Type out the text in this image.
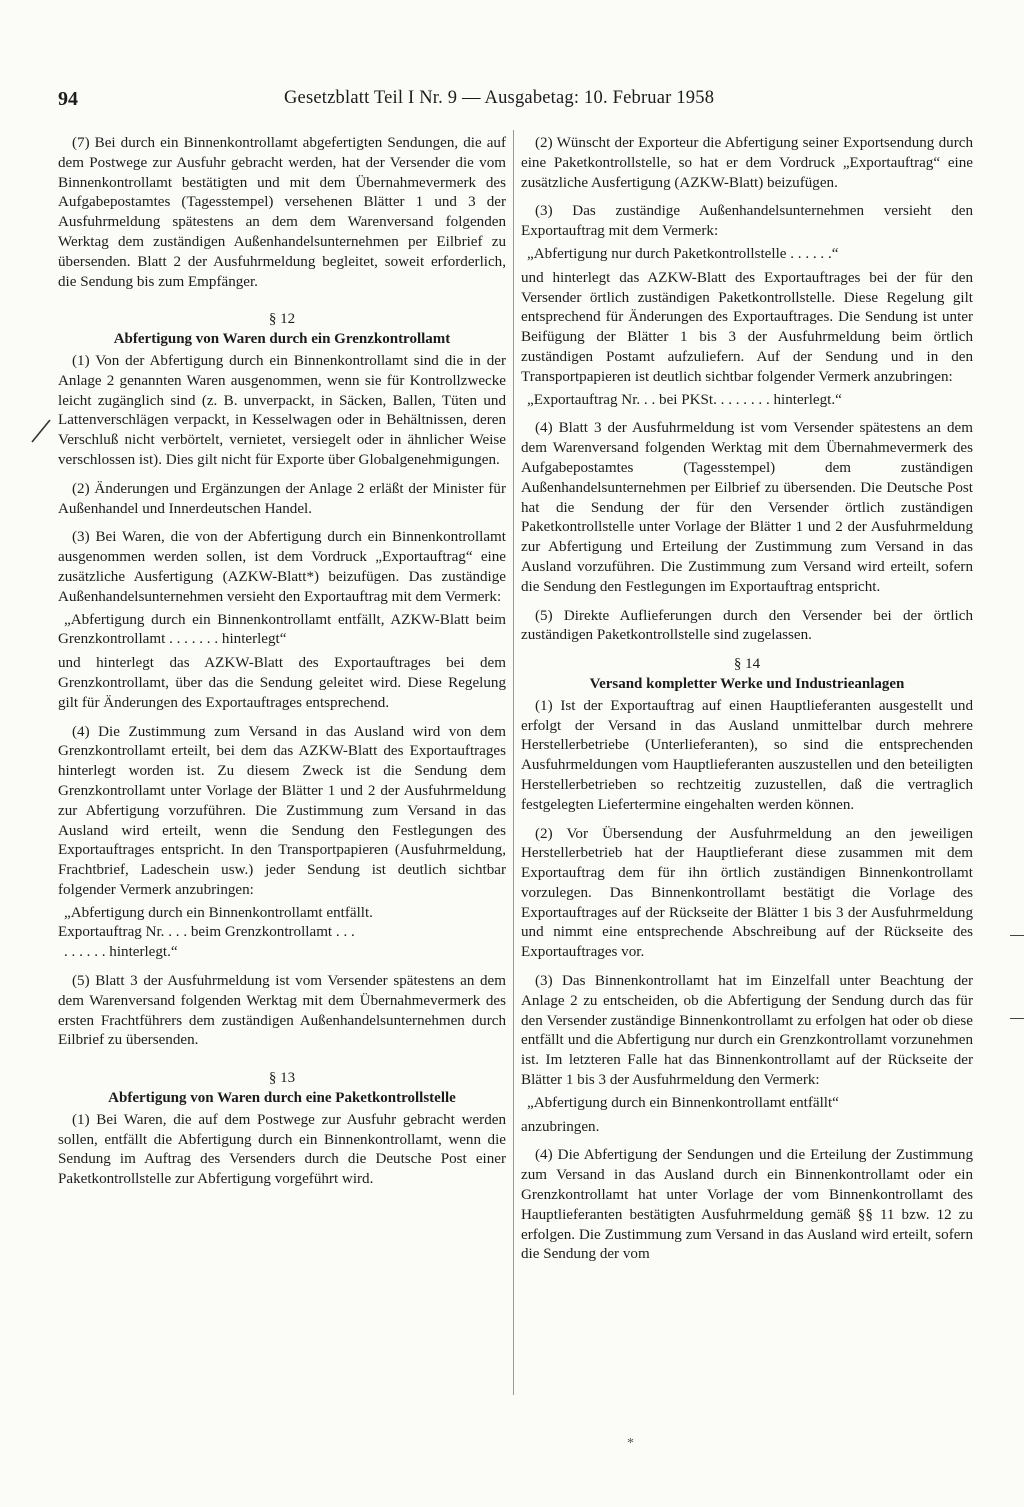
94	Gesetzblatt Teil I Nr. 9 — Ausgabetag: 10. Februar 1958

(7) Bei durch ein Binnenkontrollamt abgefertigten Sendungen, die auf dem Postwege zur Ausfuhr gebracht werden, hat der Versender die vom Binnenkontrollamt bestätigten und mit dem Übernahmevermerk des Aufgabepostamtes (Tagesstempel) versehenen Blätter 1 und 3 der Ausfuhrmeldung spätestens an dem dem Warenversand folgenden Werktag dem zuständigen Außenhandelsunternehmen per Eilbrief zu übersenden. Blatt 2 der Ausfuhrmeldung begleitet, soweit erforderlich, die Sendung bis zum Empfänger.

§ 12

Abfertigung von Waren durch ein Grenzkontrollamt

(1) Von der Abfertigung durch ein Binnenkontrollamt sind die in der Anlage 2 genannten Waren ausgenommen, wenn sie für Kontrollzwecke leicht zugänglich sind (z. B. unverpackt, in Säcken, Ballen, Tüten und Lattenverschlägen verpackt, in Kesselwagen oder in Behältnissen, deren Verschluß nicht verbörtelt, vernietet, versiegelt oder in ähnlicher Weise verschlossen ist). Dies gilt nicht für Exporte über Globalgenehmigungen.

(2) Änderungen und Ergänzungen der Anlage 2 erläßt der Minister für Außenhandel und Innerdeutschen Handel.

(3) Bei Waren, die von der Abfertigung durch ein Binnenkontrollamt ausgenommen werden sollen, ist dem Vordruck „Exportauftrag“ eine zusätzliche Ausfertigung (AZKW-Blatt*) beizufügen. Das zuständige Außenhandelsunternehmen versieht den Exportauftrag mit dem Vermerk:

„Abfertigung durch ein Binnenkontrollamt entfällt, AZKW-Blatt beim Grenzkontrollamt . . . . . . . hinterlegt“

und hinterlegt das AZKW-Blatt des Exportauftrages bei dem Grenzkontrollamt, über das die Sendung geleitet wird. Diese Regelung gilt für Änderungen des Exportauftrages entsprechend.

(4) Die Zustimmung zum Versand in das Ausland wird von dem Grenzkontrollamt erteilt, bei dem das AZKW-Blatt des Exportauftrages hinterlegt worden ist. Zu diesem Zweck ist die Sendung dem Grenzkontrollamt unter Vorlage der Blätter 1 und 2 der Ausfuhrmeldung zur Abfertigung vorzuführen. Die Zustimmung zum Versand in das Ausland wird erteilt, wenn die Sendung den Festlegungen des Exportauftrages entspricht. In den Transportpapieren (Ausfuhrmeldung, Frachtbrief, Ladeschein usw.) jeder Sendung ist deutlich sichtbar folgender Vermerk anzubringen:

„Abfertigung durch ein Binnenkontrollamt entfällt.

Exportauftrag Nr. . . . beim Grenzkontrollamt . . .

. . . . . . hinterlegt.“

(5) Blatt 3 der Ausfuhrmeldung ist vom Versender spätestens an dem dem Warenversand folgenden Werktag mit dem Übernahmevermerk des ersten Frachtführers dem zuständigen Außenhandelsunternehmen durch Eilbrief zu übersenden.

§ 13

Abfertigung von Waren durch eine Paketkontrollstelle

(1) Bei Waren, die auf dem Postwege zur Ausfuhr gebracht werden sollen, entfällt die Abfertigung durch ein Binnenkontrollamt, wenn die Sendung im Auftrag des Versenders durch die Deutsche Post einer Paketkontrollstelle zur Abfertigung vorgeführt wird.

(2) Wünscht der Exporteur die Abfertigung seiner Exportsendung durch eine Paketkontrollstelle, so hat er dem Vordruck „Exportauftrag“ eine zusätzliche Ausfertigung (AZKW-Blatt) beizufügen.

(3) Das zuständige Außenhandelsunternehmen versieht den Exportauftrag mit dem Vermerk:

„Abfertigung nur durch Paketkontrollstelle . . . . . .“

und hinterlegt das AZKW-Blatt des Exportauftrages bei der für den Versender örtlich zuständigen Paketkontrollstelle. Diese Regelung gilt entsprechend für Änderungen des Exportauftrages. Die Sendung ist unter Beifügung der Blätter 1 bis 3 der Ausfuhrmeldung beim örtlich zuständigen Postamt aufzuliefern. Auf der Sendung und in den Transportpapieren ist deutlich sichtbar folgender Vermerk anzubringen:

„Exportauftrag Nr. . . bei PKSt. . . . . . . . hinterlegt.“

(4) Blatt 3 der Ausfuhrmeldung ist vom Versender spätestens an dem dem Warenversand folgenden Werktag mit dem Übernahmevermerk des Aufgabepostamtes (Tagesstempel) dem zuständigen Außenhandelsunternehmen per Eilbrief zu übersenden. Die Deutsche Post hat die Sendung der für den Versender örtlich zuständigen Paketkontrollstelle unter Vorlage der Blätter 1 und 2 der Ausfuhrmeldung zur Abfertigung und Erteilung der Zustimmung zum Versand in das Ausland vorzuführen. Die Zustimmung zum Versand wird erteilt, sofern die Sendung den Festlegungen im Exportauftrag entspricht.

(5) Direkte Auflieferungen durch den Versender bei der örtlich zuständigen Paketkontrollstelle sind zugelassen.

§ 14

Versand kompletter Werke und Industrieanlagen

(1) Ist der Exportauftrag auf einen Hauptlieferanten ausgestellt und erfolgt der Versand in das Ausland unmittelbar durch mehrere Herstellerbetriebe (Unterlieferanten), so sind die entsprechenden Ausfuhrmeldungen vom Hauptlieferanten auszustellen und den beteiligten Herstellerbetrieben so rechtzeitig zuzustellen, daß die vertraglich festgelegten Liefertermine eingehalten werden können.

(2) Vor Übersendung der Ausfuhrmeldung an den jeweiligen Herstellerbetrieb hat der Hauptlieferant diese zusammen mit dem Exportauftrag dem für ihn örtlich zuständigen Binnenkontrollamt vorzulegen. Das Binnenkontrollamt bestätigt die Vorlage des Exportauftrages auf der Rückseite der Blätter 1 bis 3 der Ausfuhrmeldung und nimmt eine entsprechende Abschreibung auf der Rückseite des Exportauftrages vor.

(3) Das Binnenkontrollamt hat im Einzelfall unter Beachtung der Anlage 2 zu entscheiden, ob die Abfertigung der Sendung durch das für den Versender zuständige Binnenkontrollamt zu erfolgen hat oder ob diese entfällt und die Abfertigung nur durch ein Grenzkontrollamt vorzunehmen ist. Im letzteren Falle hat das Binnenkontrollamt auf der Rückseite der Blätter 1 bis 3 der Ausfuhrmeldung den Vermerk:

„Abfertigung durch ein Binnenkontrollamt entfällt“

anzubringen.

(4) Die Abfertigung der Sendungen und die Erteilung der Zustimmung zum Versand in das Ausland durch ein Binnenkontrollamt oder ein Grenzkontrollamt hat unter Vorlage der vom Binnenkontrollamt des Hauptlieferanten bestätigten Ausfuhrmeldung gemäß §§ 11 bzw. 12 zu erfolgen. Die Zustimmung zum Versand in das Ausland wird erteilt, sofern die Sendung der vom

*
